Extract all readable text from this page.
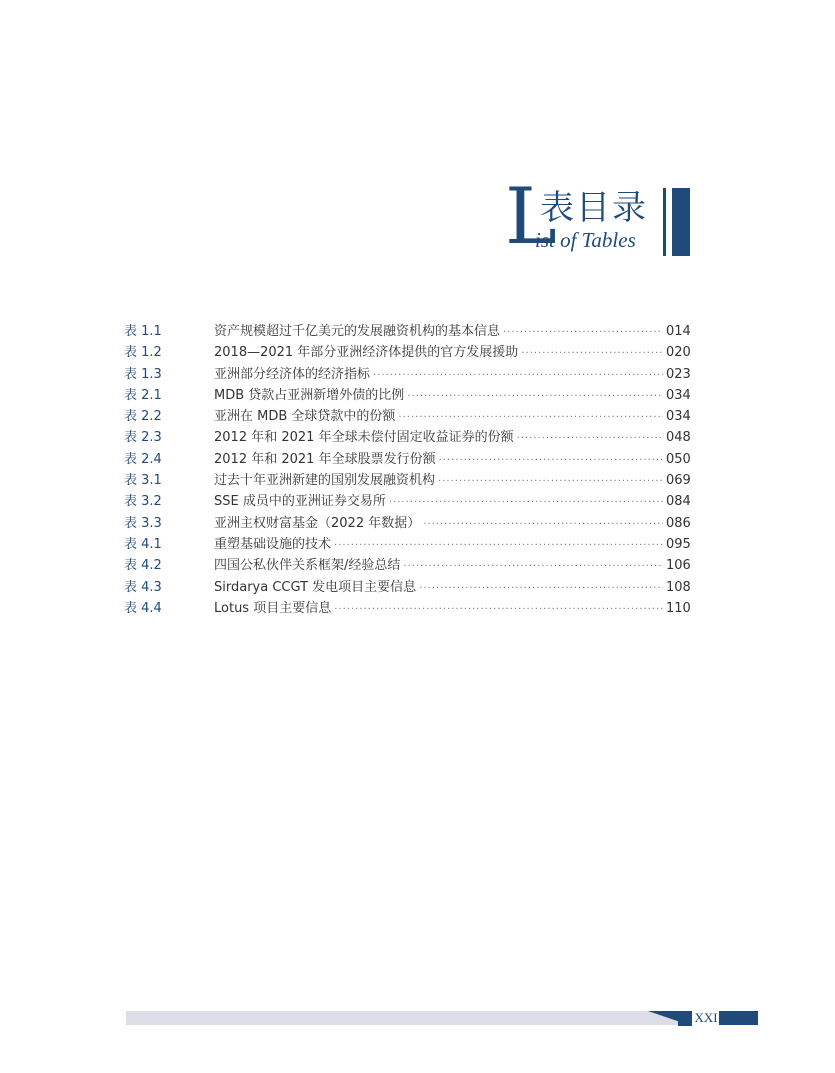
L
表目录
ist of Tables
表 1.1	资产规模超过千亿美元的发展融资机构的基本信息 ·····	014
表 1.2	2018—2021 年部分亚洲经济体提供的官方发展援助 ·····	020
表 1.3	亚洲部分经济体的经济指标 ·····	023
表 2.1	MDB 贷款占亚洲新增外债的比例 ·····	034
表 2.2	亚洲在 MDB 全球贷款中的份额 ·····	034
表 2.3	2012 年和 2021 年全球未偿付固定收益证券的份额 ·····	048
表 2.4	2012 年和 2021 年全球股票发行份额 ·····	050
表 3.1	过去十年亚洲新建的国别发展融资机构 ·····	069
表 3.2	SSE 成员中的亚洲证券交易所 ·····	084
表 3.3	亚洲主权财富基金（2022 年数据） ·····	086
表 4.1	重塑基础设施的技术 ·····	095
表 4.2	四国公私伙伴关系框架/经验总结 ·····	106
表 4.3	Sirdarya CCGT 发电项目主要信息 ·····	108
表 4.4	Lotus 项目主要信息 ·····	110
XXI
